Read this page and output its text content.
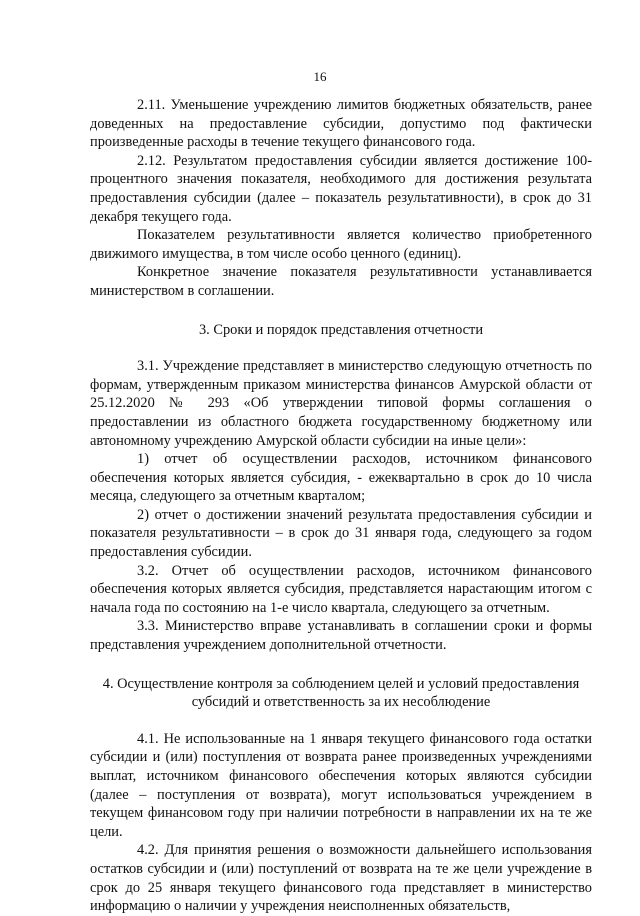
16

2.11. Уменьшение учреждению лимитов бюджетных обязательств, ранее доведенных на предоставление субсидии, допустимо под фактически произведенные расходы в течение текущего финансового года.

2.12. Результатом предоставления субсидии является достижение 100-процентного значения показателя, необходимого для достижения результата предоставления субсидии (далее – показатель результативности), в срок до 31 декабря текущего года.

Показателем результативности является количество приобретенного движимого имущества, в том числе особо ценного (единиц).

Конкретное значение показателя результативности устанавливается министерством в соглашении.

3. Сроки и порядок представления отчетности

3.1. Учреждение представляет в министерство следующую отчетность по формам, утвержденным приказом министерства финансов Амурской области от 25.12.2020 № 293 «Об утверждении типовой формы соглашения о предоставлении из областного бюджета государственному бюджетному или автономному учреждению Амурской области субсидии на иные цели»:

1) отчет об осуществлении расходов, источником финансового обеспечения которых является субсидия, - ежеквартально в срок до 10 числа месяца, следующего за отчетным кварталом;

2) отчет о достижении значений результата предоставления субсидии и показателя результативности – в срок до 31 января года, следующего за годом предоставления субсидии.

3.2. Отчет об осуществлении расходов, источником финансового обеспечения которых является субсидия, представляется нарастающим итогом с начала года по состоянию на 1-е число квартала, следующего за отчетным.

3.3. Министерство вправе устанавливать в соглашении сроки и формы представления учреждением дополнительной отчетности.

4. Осуществление контроля за соблюдением целей и условий предоставления субсидий и ответственность за их несоблюдение

4.1. Не использованные на 1 января текущего финансового года остатки субсидии и (или) поступления от возврата ранее произведенных учреждениями выплат, источником финансового обеспечения которых являются субсидии (далее – поступления от возврата), могут использоваться учреждением в текущем финансовом году при наличии потребности в направлении их на те же цели.

4.2. Для принятия решения о возможности дальнейшего использования остатков субсидии и (или) поступлений от возврата на те же цели учреждение в срок до 25 января текущего финансового года представляет в министерство информацию о наличии у учреждения неисполненных обязательств,
